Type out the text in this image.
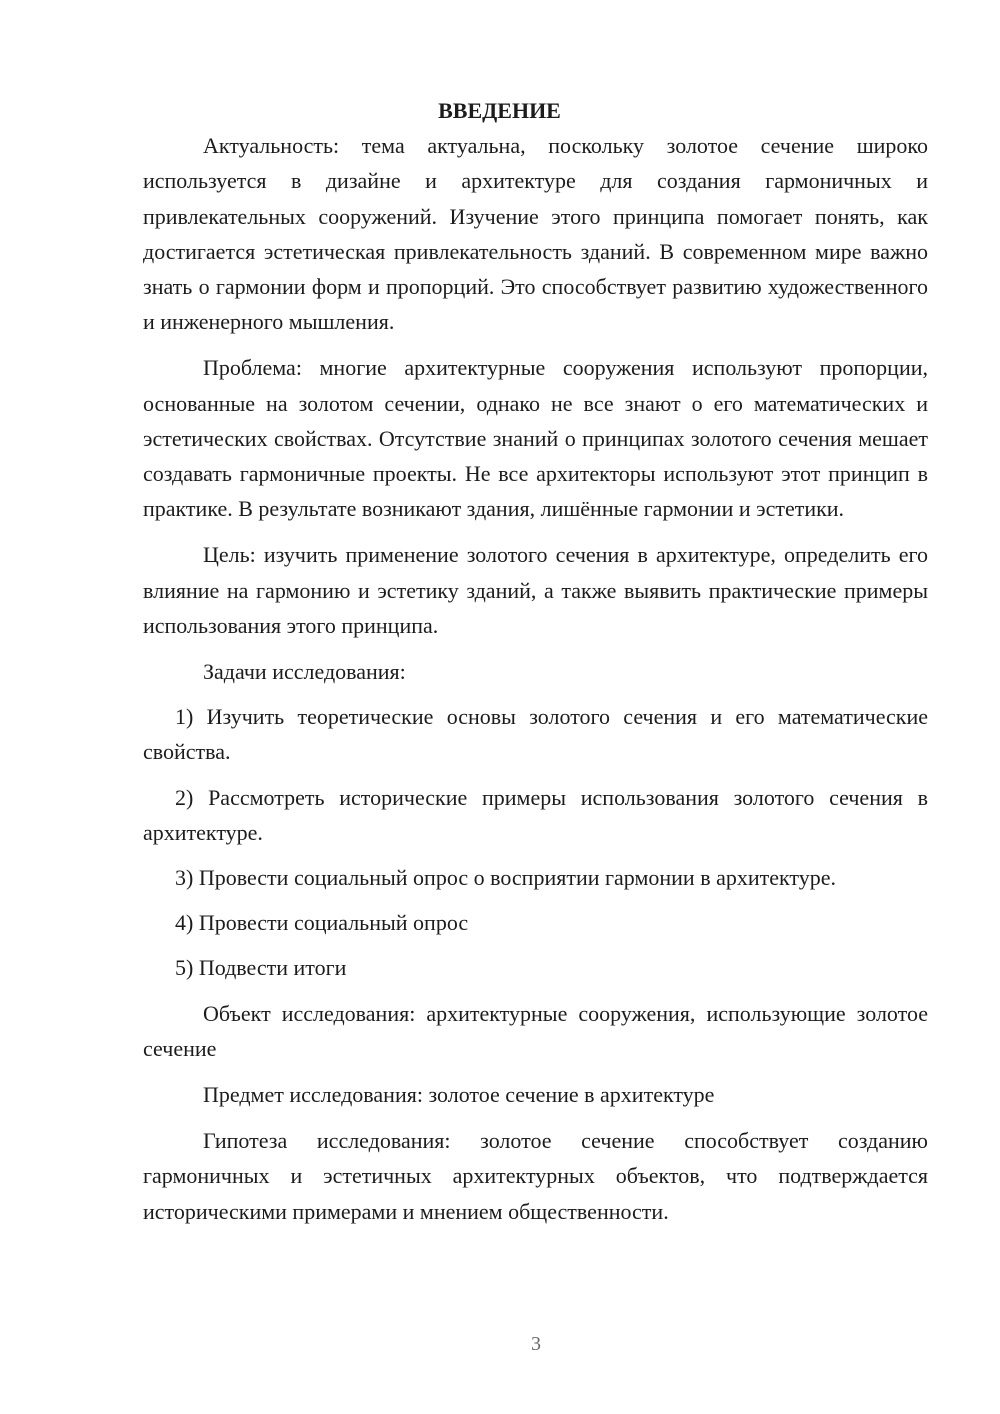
ВВЕДЕНИЕ

Актуальность: тема актуальна, поскольку золотое сечение широко используется в дизайне и архитектуре для создания гармоничных и привлекательных сооружений. Изучение этого принципа помогает понять, как достигается эстетическая привлекательность зданий. В современном мире важно знать о гармонии форм и пропорций. Это способствует развитию художественного и инженерного мышления.

Проблема: многие архитектурные сооружения используют пропорции, основанные на золотом сечении, однако не все знают о его математических и эстетических свойствах. Отсутствие знаний о принципах золотого сечения мешает создавать гармоничные проекты. Не все архитекторы используют этот принцип в практике. В результате возникают здания, лишённые гармонии и эстетики.

Цель: изучить применение золотого сечения в архитектуре, определить его влияние на гармонию и эстетику зданий, а также выявить практические примеры использования этого принципа.

Задачи исследования:

1) Изучить теоретические основы золотого сечения и его математические свойства.

2) Рассмотреть исторические примеры использования золотого сечения в архитектуре.

3) Провести социальный опрос о восприятии гармонии в архитектуре.

4) Провести социальный опрос

5) Подвести итоги

Объект исследования: архитектурные сооружения, использующие золотое сечение

Предмет исследования: золотое сечение в архитектуре

Гипотеза исследования: золотое сечение способствует созданию гармоничных и эстетичных архитектурных объектов, что подтверждается историческими примерами и мнением общественности.

3
